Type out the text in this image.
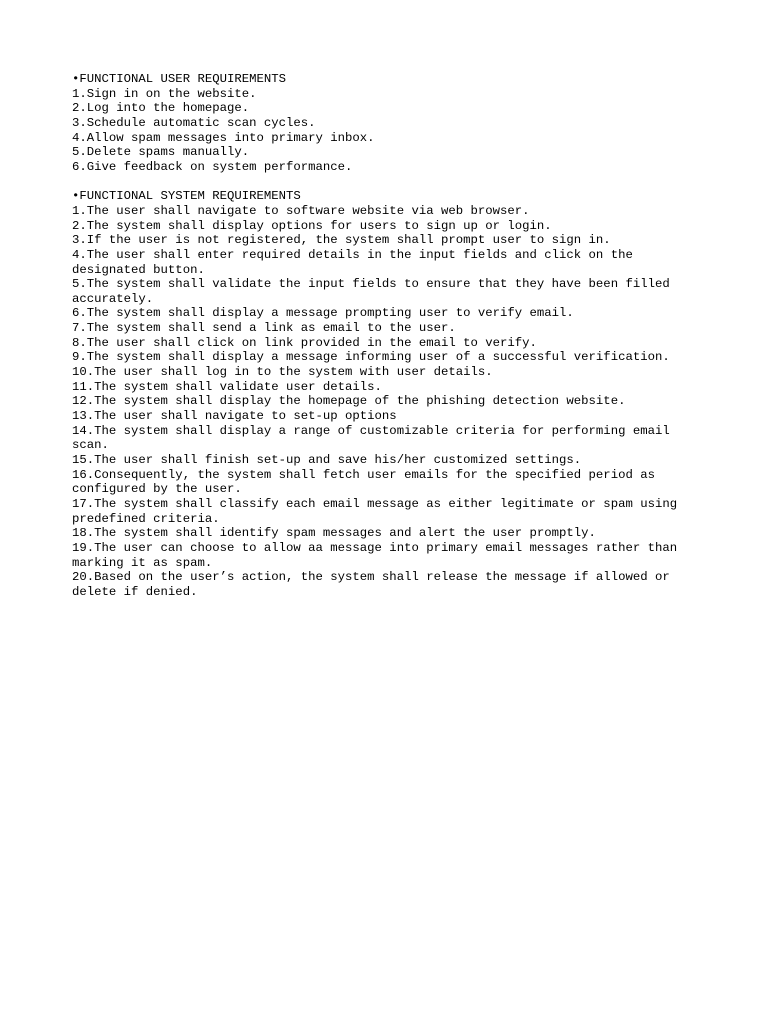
•FUNCTIONAL USER REQUIREMENTS

1.Sign in on the website.

2.Log into the homepage.

3.Schedule automatic scan cycles.

4.Allow spam messages into primary inbox.

5.Delete spams manually.

6.Give feedback on system performance.

•FUNCTIONAL SYSTEM REQUIREMENTS

1.The user shall navigate to software website via web browser.

2.The system shall display options for users to sign up or login.

3.If the user is not registered, the system shall prompt user to sign in.

4.The user shall enter required details in the input fields and click on the designated button.

5.The system shall validate the input fields to ensure that they have been filled accurately.

6.The system shall display a message prompting user to verify email.

7.The system shall send a link as email to the user.

8.The user shall click on link provided in the email to verify.

9.The system shall display a message informing user of a successful verification.

10.The user shall log in to the system with user details.

11.The system shall validate user details.

12.The system shall display the homepage of the phishing detection website.

13.The user shall navigate to set-up options

14.The system shall display a range of customizable criteria for performing email scan.

15.The user shall finish set-up and save his/her customized settings.

16.Consequently, the system shall fetch user emails for the specified period as configured by the user.

17.The system shall classify each email message as either legitimate or spam using predefined criteria.

18.The system shall identify spam messages and alert the user promptly.

19.The user can choose to allow aa message into primary email messages rather than marking it as spam.

20.Based on the user’s action, the system shall release the message if allowed or delete if denied.
